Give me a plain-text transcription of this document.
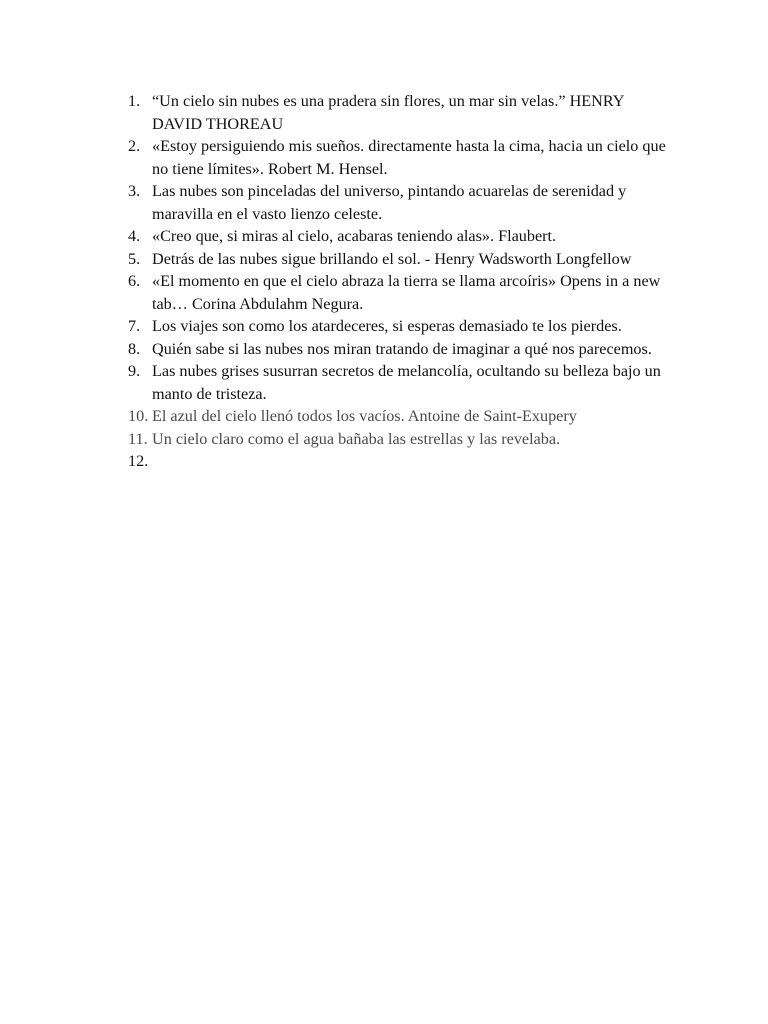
1. “Un cielo sin nubes es una pradera sin flores, un mar sin velas.” HENRY DAVID THOREAU
2. «Estoy persiguiendo mis sueños. directamente hasta la cima, hacia un cielo que no tiene límites». Robert M. Hensel.
3. Las nubes son pinceladas del universo, pintando acuarelas de serenidad y maravilla en el vasto lienzo celeste.
4. «Creo que, si miras al cielo, acabaras teniendo alas». Flaubert.
5. Detrás de las nubes sigue brillando el sol. - Henry Wadsworth Longfellow
6. «El momento en que el cielo abraza la tierra se llama arcoíris» Opens in a new tab… Corina Abdulahm Negura.
7. Los viajes son como los atardeceres, si esperas demasiado te los pierdes.
8. Quién sabe si las nubes nos miran tratando de imaginar a qué nos parecemos.
9. Las nubes grises susurran secretos de melancolía, ocultando su belleza bajo un manto de tristeza.
10. El azul del cielo llenó todos los vacíos. Antoine de Saint-Exupery
11. Un cielo claro como el agua bañaba las estrellas y las revelaba.
12.
